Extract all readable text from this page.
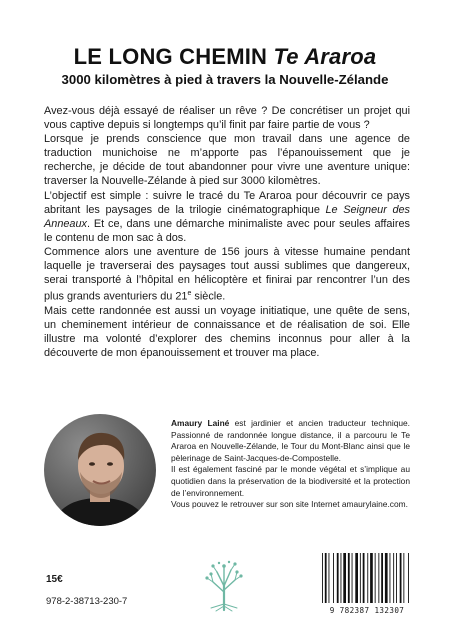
LE LONG CHEMIN Te Araroa
3000 kilomètres à pied à travers la Nouvelle-Zélande

Avez-vous déjà essayé de réaliser un rêve ? De concrétiser un projet qui vous captive depuis si longtemps qu’il finit par faire partie de vous ?

Lorsque je prends conscience que mon travail dans une agence de traduction munichoise ne m’apporte pas l’épanouissement que je recherche, je décide de tout abandonner pour vivre une aventure unique: traverser la Nouvelle-Zélande à pied sur 3000 kilomètres.

L’objectif est simple : suivre le tracé du Te Araroa pour découvrir ce pays abritant les paysages de la trilogie cinématographique Le Seigneur des Anneaux. Et ce, dans une démarche minimaliste avec pour seules affaires le contenu de mon sac à dos.

Commence alors une aventure de 156 jours à vitesse humaine pendant laquelle je traverserai des paysages tout aussi sublimes que dangereux, serai transporté à l’hôpital en hélicoptère et finirai par rencontrer l’un des plus grands aventuriers du 21e siècle.

Mais cette randonnée est aussi un voyage initiatique, une quête de sens, un cheminement intérieur de connaissance et de réalisation de soi. Elle illustre ma volonté d’explorer des chemins inconnus pour aller à la découverte de mon épanouissement et trouver ma place.

Amaury Lainé est jardinier et ancien traducteur technique. Passionné de randonnée longue distance, il a parcouru le Te Araroa en Nouvelle-Zélande, le Tour du Mont-Blanc ainsi que le pèlerinage de Saint-Jacques-de-Compostelle.

Il est également fasciné par le monde végétal et s’implique au quotidien dans la préservation de la biodiversité et la protection de l’environnement.

Vous pouvez le retrouver sur son site Internet amaurylaine.com.

15€
978-2-38713-230-7
9 782387 132307
